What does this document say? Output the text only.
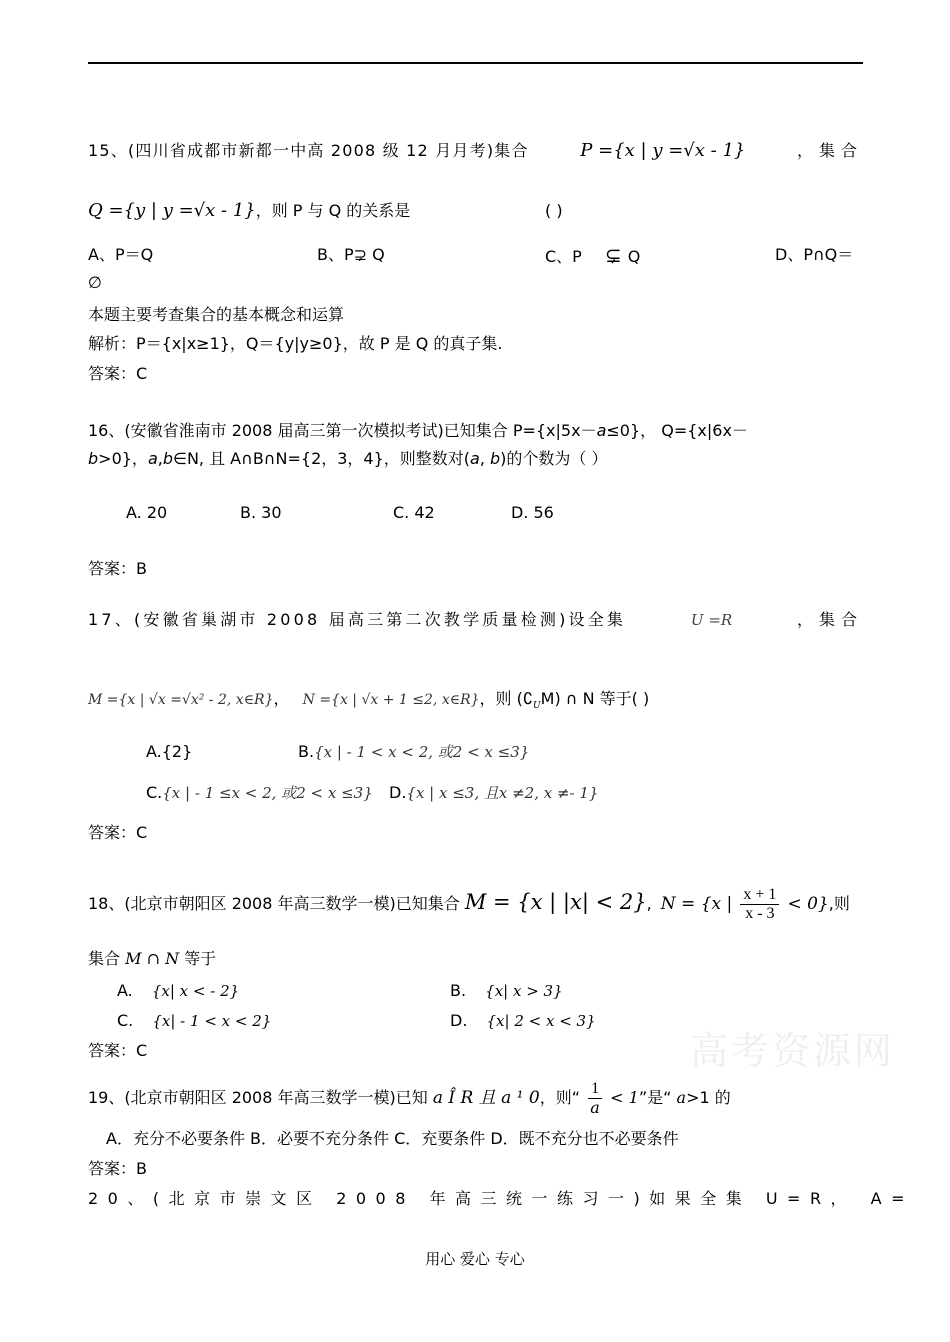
15、(四川省成都市新都一中高 2008 级 12 月月考)集合	P ={x | y =√x - 1}	，集合
Q ={y | y =√x - 1}，则 P 与 Q 的关系是	( )
A、P＝Q	B、P⊋ Q	C、P ⊊ Q	D、P∩Q＝
∅
本题主要考查集合的基本概念和运算
解析：P＝{x|x≥1}，Q＝{y|y≥0}，故 P 是 Q 的真子集.
答案：C
16、(安徽省淮南市 2008 届高三第一次模拟考试)已知集合 P={x|5x－a≤0}， Q={x|6x－
b>0}，a,b∈N, 且 A∩B∩N={2，3，4}，则整数对(a, b)的个数为（ ）
A. 20	B. 30	C. 42	D. 56
答案：B
17、(安徽省巢湖市 2008 届高三第二次教学质量检测)设全集	U =R	，集合
M ={x | √x =√x² - 2, x∈R}， N ={x | √x + 1 ≤2, x∈R}，则 $(∁_UM)$ ∩ N 等于( )
A.{2}	B.{x | - 1 < x < 2, 或2 < x ≤3}
C.{x | - 1 ≤x < 2, 或2 < x ≤3} D.{x | x ≤3, 且x ≠2, x ≠- 1}
答案：C
18、(北京市朝阳区 2008 年高三数学一模)已知集合 M = {x | |x| < 2}, N = {x | $\frac{x + 1}{x - 3} < 0$},则
集合 M ∩ N 等于
A. {x| x < - 2}	B. {x| x > 3}
C. {x| - 1 < x < 2}	D. {x| 2 < x < 3}
答案：C	高考资源网
19、(北京市朝阳区 2008 年高三数学一模)已知 a Î R 且 a ¹ 0，则“ $\frac{1}{a} < 1$”是“ a>1 的
A．充分不必要条件 B．必要不充分条件 C．充要条件 D．既不充分也不必要条件
答案：B
20、(北京市崇文区 2008 年高三统一练习一)如果全集 U=R， A=
用心 爱心 专心
